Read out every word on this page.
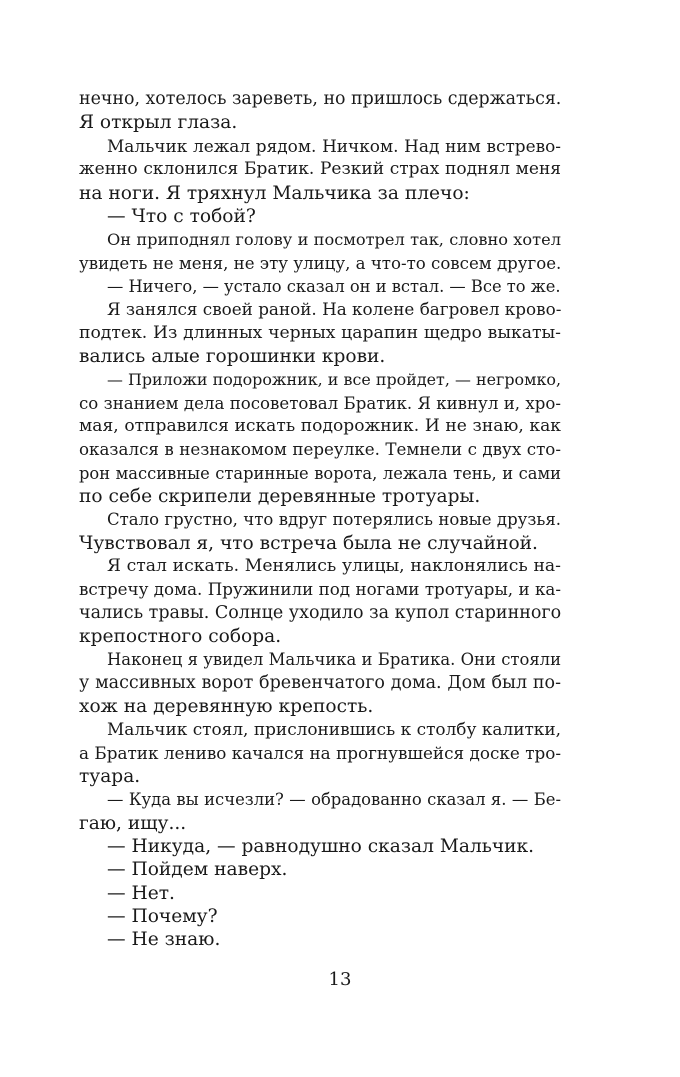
нечно, хотелось зареветь, но пришлось сдержаться.
Я открыл глаза.
Мальчик лежал рядом. Ничком. Над ним встрево-
женно склонился Братик. Резкий страх поднял меня
на ноги. Я тряхнул Мальчика за плечо:
— Что с тобой?
Он приподнял голову и посмотрел так, словно хотел
увидеть не меня, не эту улицу, а что-то совсем другое.
— Ничего, — устало сказал он и встал. — Все то же.
Я занялся своей раной. На колене багровел крово-
подтек. Из длинных черных царапин щедро выкаты-
вались алые горошинки крови.
— Приложи подорожник, и все пройдет, — негромко,
со знанием дела посоветовал Братик. Я кивнул и, хро-
мая, отправился искать подорожник. И не знаю, как
оказался в незнакомом переулке. Темнели с двух сто-
рон массивные старинные ворота, лежала тень, и сами
по себе скрипели деревянные тротуары.
Стало грустно, что вдруг потерялись новые друзья.
Чувствовал я, что встреча была не случайной.
Я стал искать. Менялись улицы, наклонялись на-
встречу дома. Пружинили под ногами тротуары, и ка-
чались травы. Солнце уходило за купол старинного
крепостного собора.
Наконец я увидел Мальчика и Братика. Они стояли
у массивных ворот бревенчатого дома. Дом был по-
хож на деревянную крепость.
Мальчик стоял, прислонившись к столбу калитки,
а Братик лениво качался на прогнувшейся доске тро-
туара.
— Куда вы исчезли? — обрадованно сказал я. — Бе-
гаю, ищу...
— Никуда, — равнодушно сказал Мальчик.
— Пойдем наверх.
— Нет.
— Почему?
— Не знаю.
13
